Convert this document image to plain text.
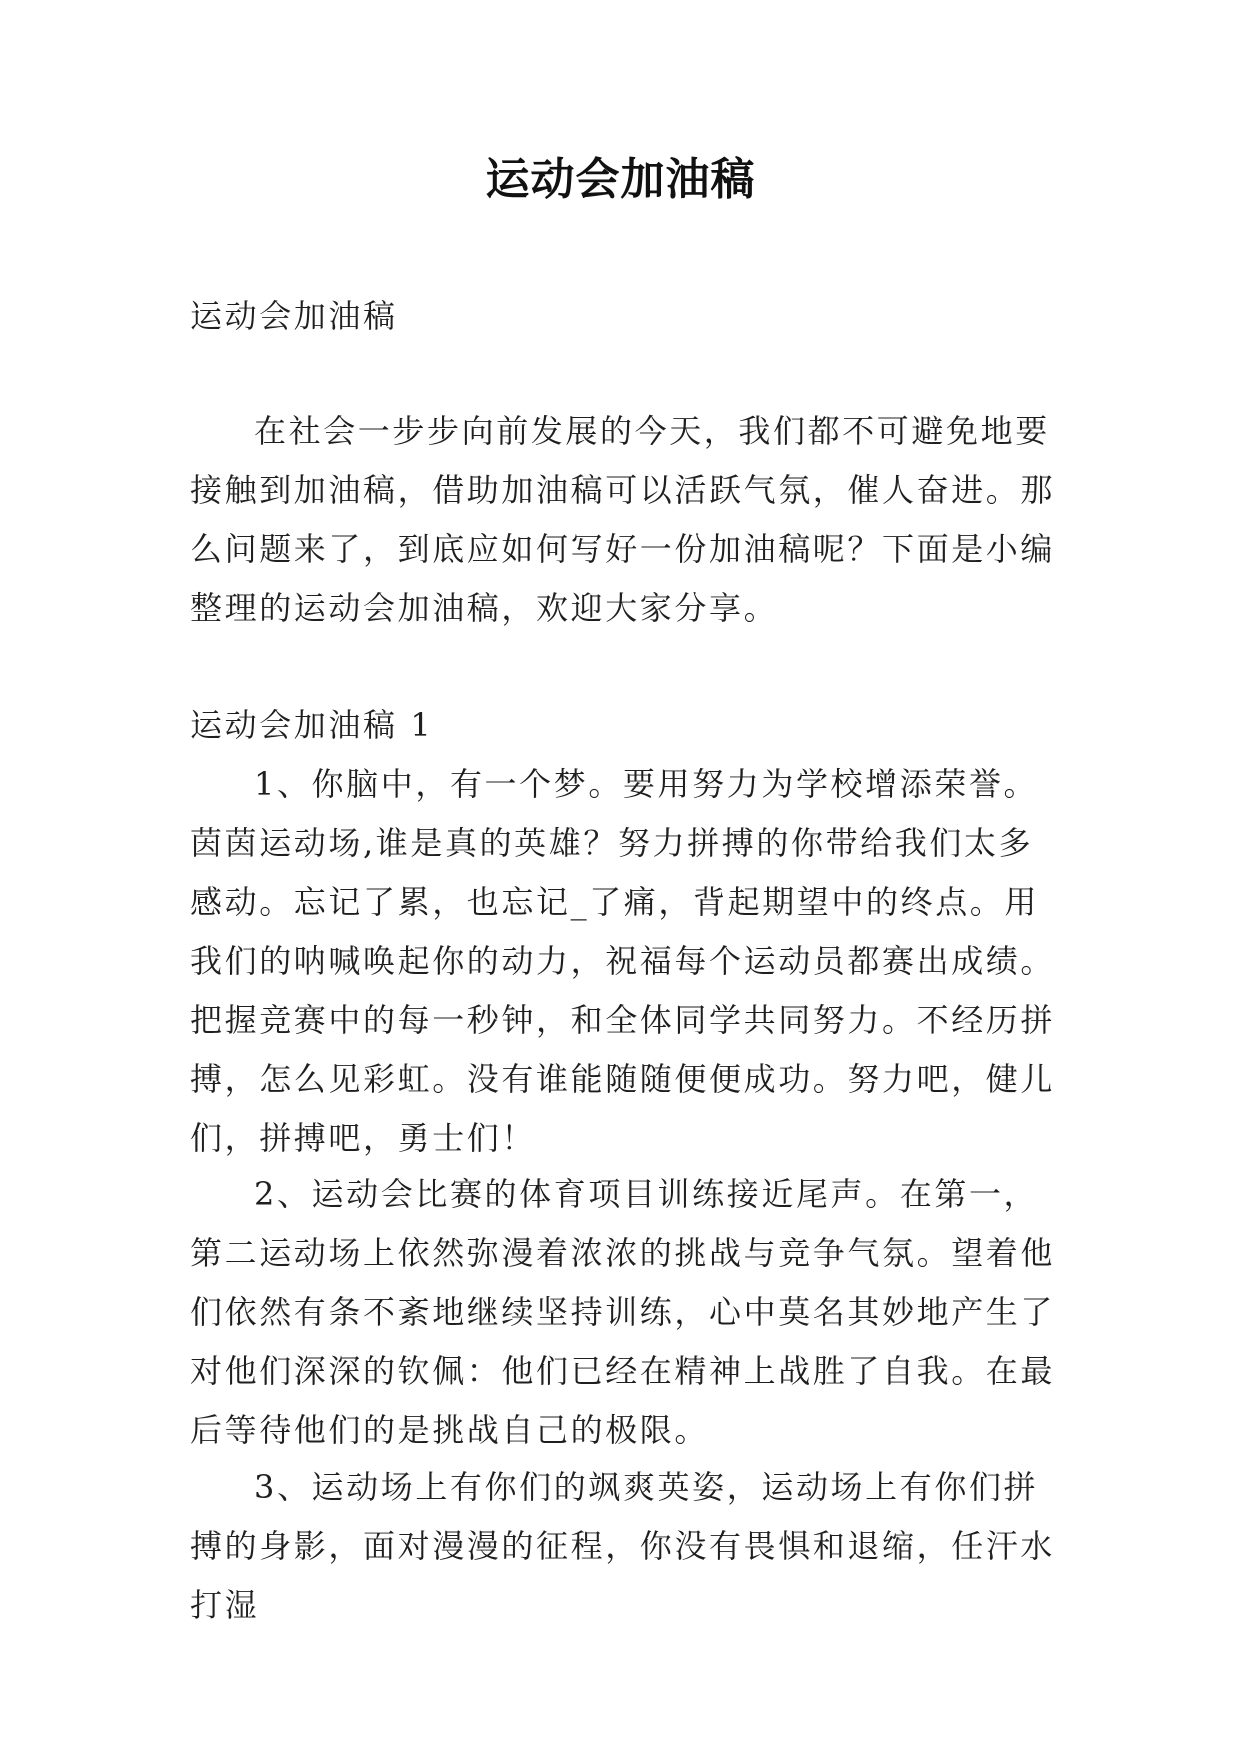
运动会加油稿

运动会加油稿

在社会一步步向前发展的今天，我们都不可避免地要接触到加油稿，借助加油稿可以活跃气氛，催人奋进。那么问题来了，到底应如何写好一份加油稿呢？下面是小编整理的运动会加油稿，欢迎大家分享。

运动会加油稿 1

1、你脑中，有一个梦。要用努力为学校增添荣誉。茵茵运动场,谁是真的英雄？努力拼搏的你带给我们太多感动。忘记了累，也忘记_了痛，背起期望中的终点。用我们的呐喊唤起你的动力，祝福每个运动员都赛出成绩。把握竞赛中的每一秒钟，和全体同学共同努力。不经历拼搏，怎么见彩虹。没有谁能随随便便成功。努力吧，健儿们，拼搏吧，勇士们！

2、运动会比赛的体育项目训练接近尾声。在第一，第二运动场上依然弥漫着浓浓的挑战与竞争气氛。望着他们依然有条不紊地继续坚持训练，心中莫名其妙地产生了对他们深深的钦佩：他们已经在精神上战胜了自我。在最后等待他们的是挑战自己的极限。

3、运动场上有你们的飒爽英姿，运动场上有你们拼搏的身影，面对漫漫的征程，你没有畏惧和退缩，任汗水打湿
